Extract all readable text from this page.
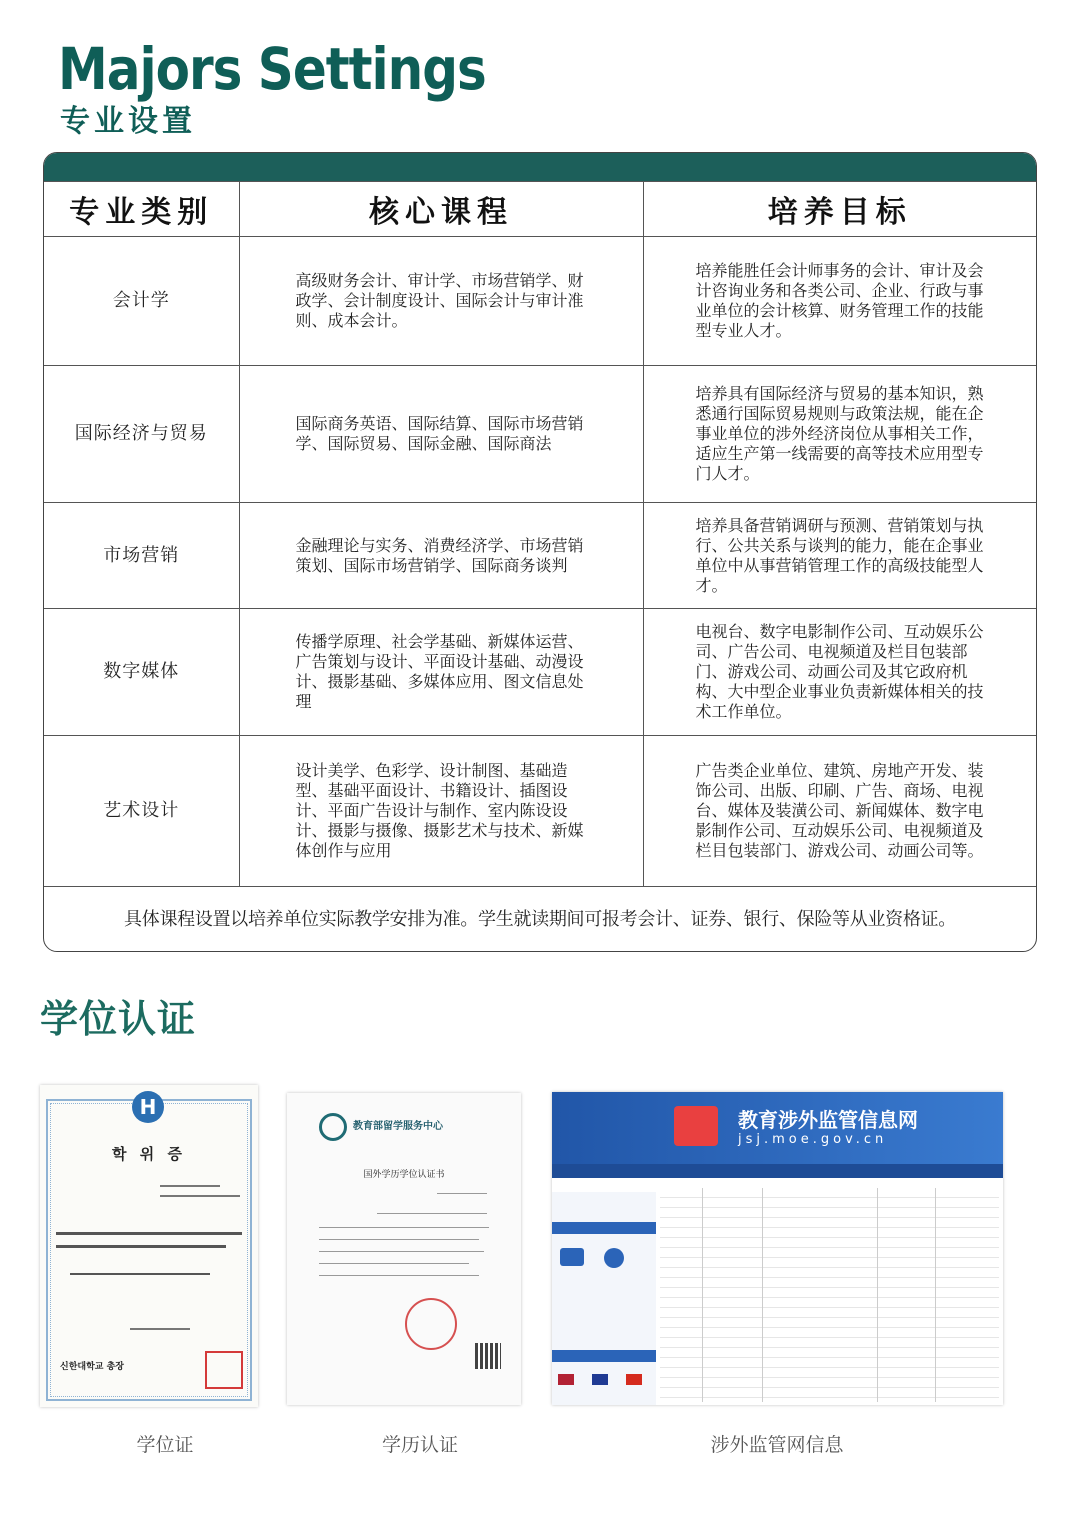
Majors Settings
专业设置
专业类别	核心课程	培养目标
会计学	高级财务会计、审计学、市场营销学、财政学、会计制度设计、国际会计与审计准则、成本会计。	培养能胜任会计师事务的会计、审计及会计咨询业务和各类公司、企业、行政与事业单位的会计核算、财务管理工作的技能型专业人才。
国际经济与贸易	国际商务英语、国际结算、国际市场营销学、国际贸易、国际金融、国际商法	培养具有国际经济与贸易的基本知识，熟悉通行国际贸易规则与政策法规，能在企事业单位的涉外经济岗位从事相关工作，适应生产第一线需要的高等技术应用型专门人才。
市场营销	金融理论与实务、消费经济学、市场营销策划、国际市场营销学、国际商务谈判	培养具备营销调研与预测、营销策划与执行、公共关系与谈判的能力，能在企事业单位中从事营销管理工作的高级技能型人才。
数字媒体	传播学原理、社会学基础、新媒体运营、广告策划与设计、平面设计基础、动漫设计、摄影基础、多媒体应用、图文信息处理	电视台、数字电影制作公司、互动娱乐公司、广告公司、电视频道及栏目包装部门、游戏公司、动画公司及其它政府机构、大中型企业事业负责新媒体相关的技术工作单位。
艺术设计	设计美学、色彩学、设计制图、基础造型、基础平面设计、书籍设计、插图设计、平面广告设计与制作、室内陈设设计、摄影与摄像、摄影艺术与技术、新媒体创作与应用	广告类企业单位、建筑、房地产开发、装饰公司、出版、印刷、广告、商场、电视台、媒体及装潢公司、新闻媒体、数字电影制作公司、互动娱乐公司、电视频道及栏目包装部门、游戏公司、动画公司等。
具体课程设置以培养单位实际教学安排为准。学生就读期间可报考会计、证券、银行、保险等从业资格证。		
学位认证
H
학 위 증
신한대학교 총장
学位证
教育部留学服务中心
国外学历学位认证书
学历认证
教育涉外监管信息网
jsj.moe.gov.cn
涉外监管网信息
